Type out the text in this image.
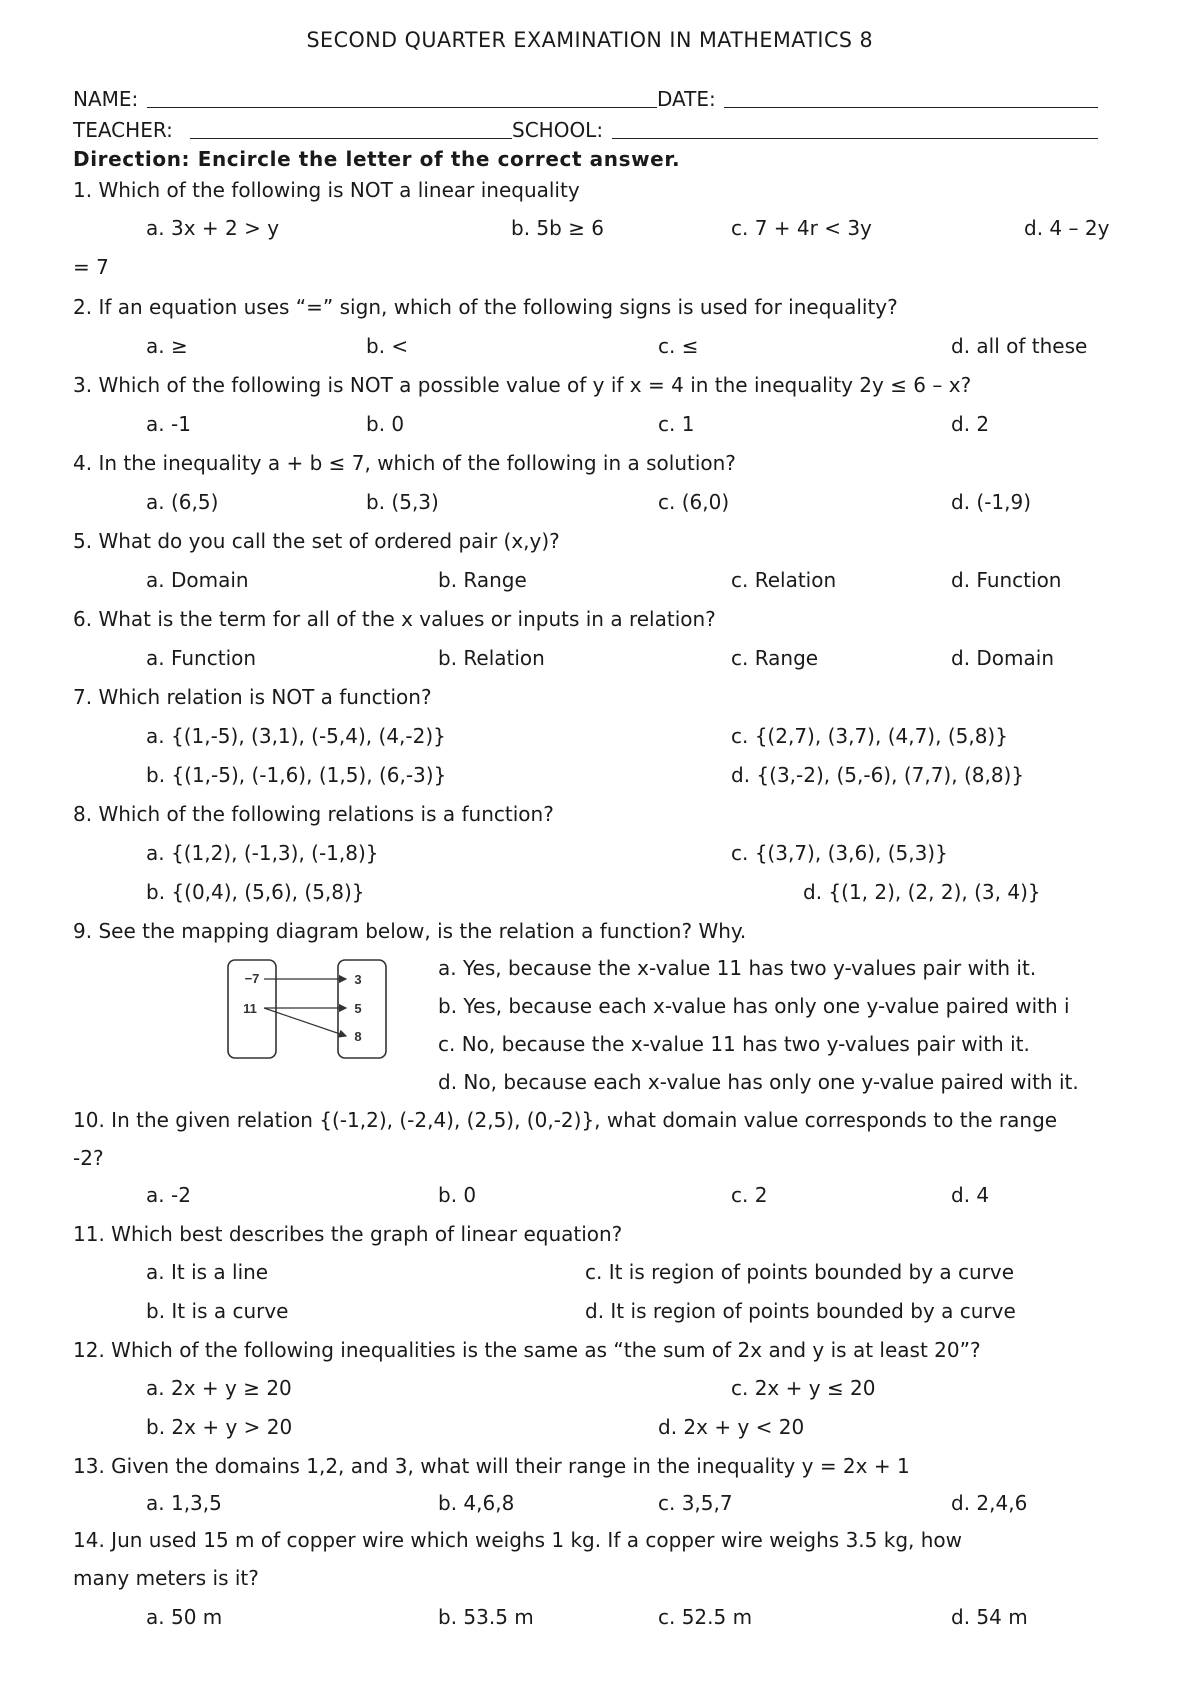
SECOND QUARTER EXAMINATION IN MATHEMATICS 8
NAME:	DATE:
TEACHER:	SCHOOL:
Direction: Encircle the letter of the correct answer.
1. Which of the following is NOT a linear inequality
a. 3x + 2 > y	b. 5b ≥ 6	c. 7 + 4r < 3y	d. 4 – 2y
= 7
2. If an equation uses “=” sign, which of the following signs is used for inequality?
a. ≥	b. <	c. ≤	d. all of these
3. Which of the following is NOT a possible value of y if x = 4 in the inequality 2y ≤ 6 – x?
a. -1	b. 0	c. 1	d. 2
4. In the inequality a + b ≤ 7, which of the following in a solution?
a. (6,5)	b. (5,3)	c. (6,0)	d. (-1,9)
5. What do you call the set of ordered pair (x,y)?
a. Domain	b. Range	c. Relation	d. Function
6. What is the term for all of the x values or inputs in a relation?
a. Function	b. Relation	c. Range	d. Domain
7. Which relation is NOT a function?
a. {(1,-5), (3,1), (-5,4), (4,-2)}	c. {(2,7), (3,7), (4,7), (5,8)}
b. {(1,-5), (-1,6), (1,5), (6,-3)}	d. {(3,-2), (5,-6), (7,7), (8,8)}
8. Which of the following relations is a function?
a. {(1,2), (-1,3), (-1,8)}	c. {(3,7), (3,6), (5,3)}
b. {(0,4), (5,6), (5,8)}	d. {(1, 2), (2, 2), (3, 4)}
9. See the mapping diagram below, is the relation a function? Why.
−7
11
3
5
8
a. Yes, because the x-value 11 has two y-values pair with it.
b. Yes, because each x-value has only one y-value paired with i
c. No, because the x-value 11 has two y-values pair with it.
d. No, because each x-value has only one y-value paired with it.
10. In the given relation {(-1,2), (-2,4), (2,5), (0,-2)}, what domain value corresponds to the range
-2?
a. -2	b. 0	c. 2	d. 4
11. Which best describes the graph of linear equation?
a. It is a line	c. It is region of points bounded by a curve
b. It is a curve	d. It is region of points bounded by a curve
12. Which of the following inequalities is the same as “the sum of 2x and y is at least 20”?
a. 2x + y ≥ 20	c. 2x + y ≤ 20
b. 2x + y > 20	d. 2x + y < 20
13. Given the domains 1,2, and 3, what will their range in the inequality y = 2x + 1
a. 1,3,5	b. 4,6,8	c. 3,5,7	d. 2,4,6
14. Jun used 15 m of copper wire which weighs 1 kg. If a copper wire weighs 3.5 kg, how
many meters is it?
a. 50 m	b. 53.5 m	c. 52.5 m	d. 54 m
